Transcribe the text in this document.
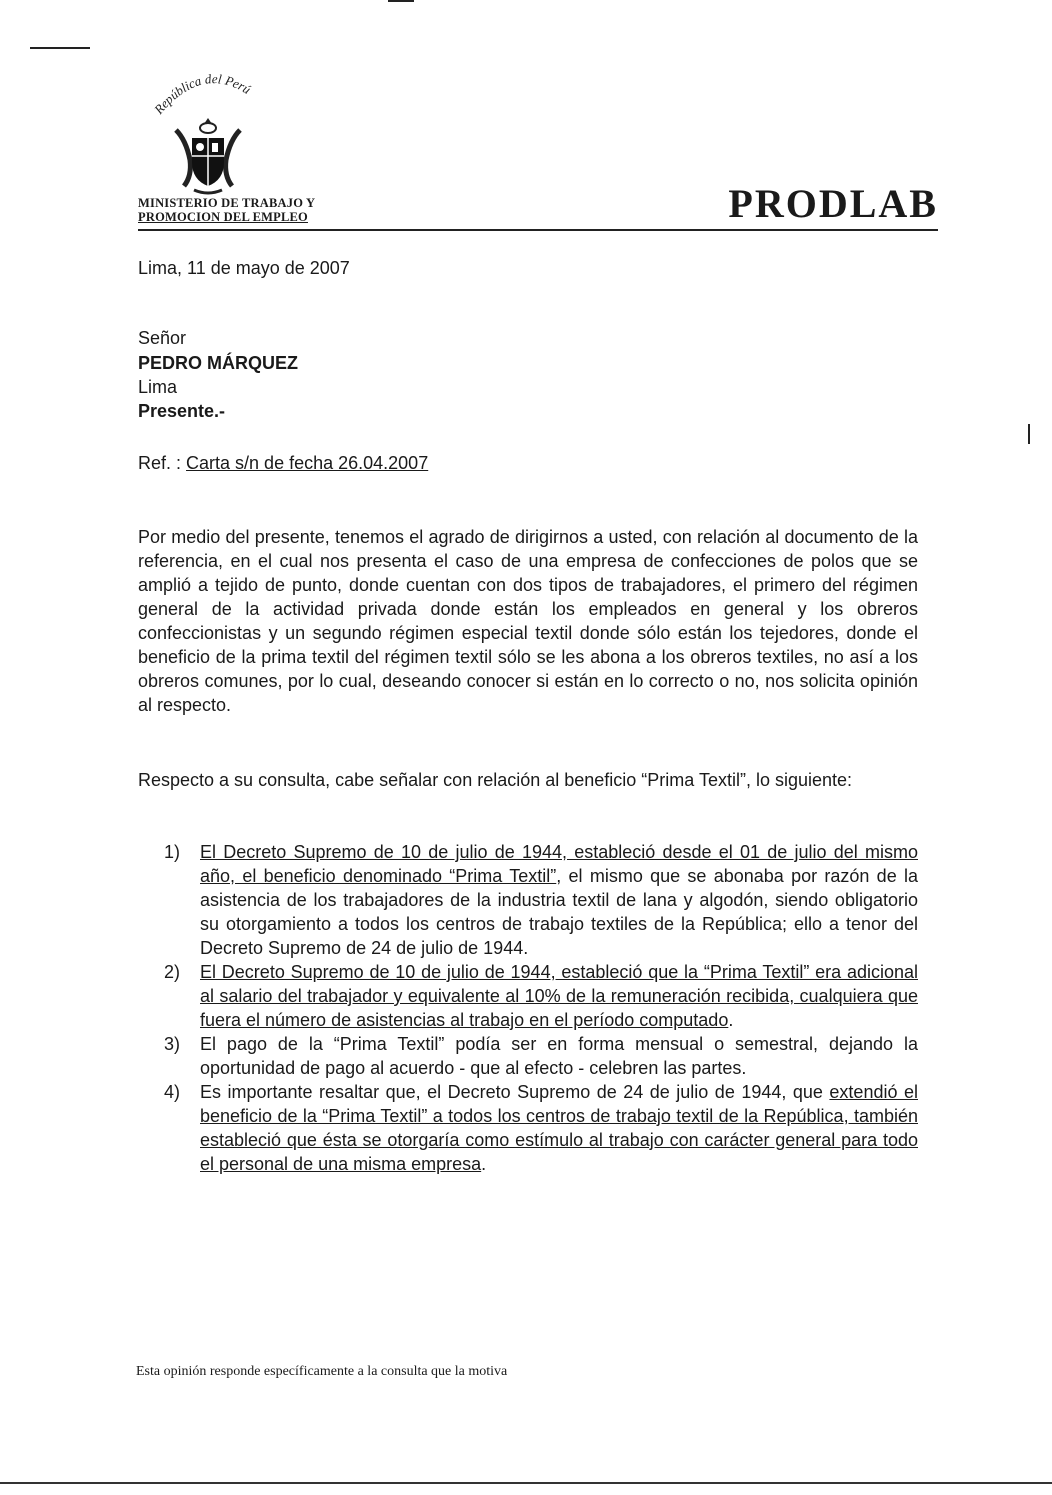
República del Perú
MINISTERIO DE TRABAJO Y
PROMOCION DEL EMPLEO	PRODLAB
Lima, 11 de mayo de 2007
Señor
PEDRO MÁRQUEZ
Lima
Presente.-
Ref. : Carta s/n de fecha 26.04.2007
Por medio del presente, tenemos el agrado de dirigirnos a usted, con relación al documento de la referencia, en el cual nos presenta el caso de una empresa de confecciones de polos que se amplió a tejido de punto, donde cuentan con dos tipos de trabajadores, el primero del régimen general de la actividad privada donde están los empleados en general y los obreros confeccionistas y un segundo régimen especial textil donde sólo están los tejedores, donde el beneficio de la prima textil del régimen textil sólo se les abona a los obreros textiles, no así a los obreros comunes, por lo cual, deseando conocer si están en lo correcto o no, nos solicita opinión al respecto.
Respecto a su consulta, cabe señalar con relación al beneficio “Prima Textil”, lo siguiente:
1)	El Decreto Supremo de 10 de julio de 1944, estableció desde el 01 de julio del mismo año, el beneficio denominado “Prima Textil”, el mismo que se abonaba por razón de la asistencia de los trabajadores de la industria textil de lana y algodón, siendo obligatorio su otorgamiento a todos los centros de trabajo textiles de la República; ello a tenor del Decreto Supremo de 24 de julio de 1944.
2)	El Decreto Supremo de 10 de julio de 1944, estableció que la “Prima Textil” era adicional al salario del trabajador y equivalente al 10% de la remuneración recibida, cualquiera que fuera el número de asistencias al trabajo en el período computado.
3)	El pago de la “Prima Textil” podía ser en forma mensual o semestral, dejando la oportunidad de pago al acuerdo - que al efecto - celebren las partes.
4)	Es importante resaltar que, el Decreto Supremo de 24 de julio de 1944, que extendió el beneficio de la “Prima Textil” a todos los centros de trabajo textil de la República, también estableció que ésta se otorgaría como estímulo al trabajo con carácter general para todo el personal de una misma empresa.
Esta opinión responde específicamente a la consulta que la motiva
